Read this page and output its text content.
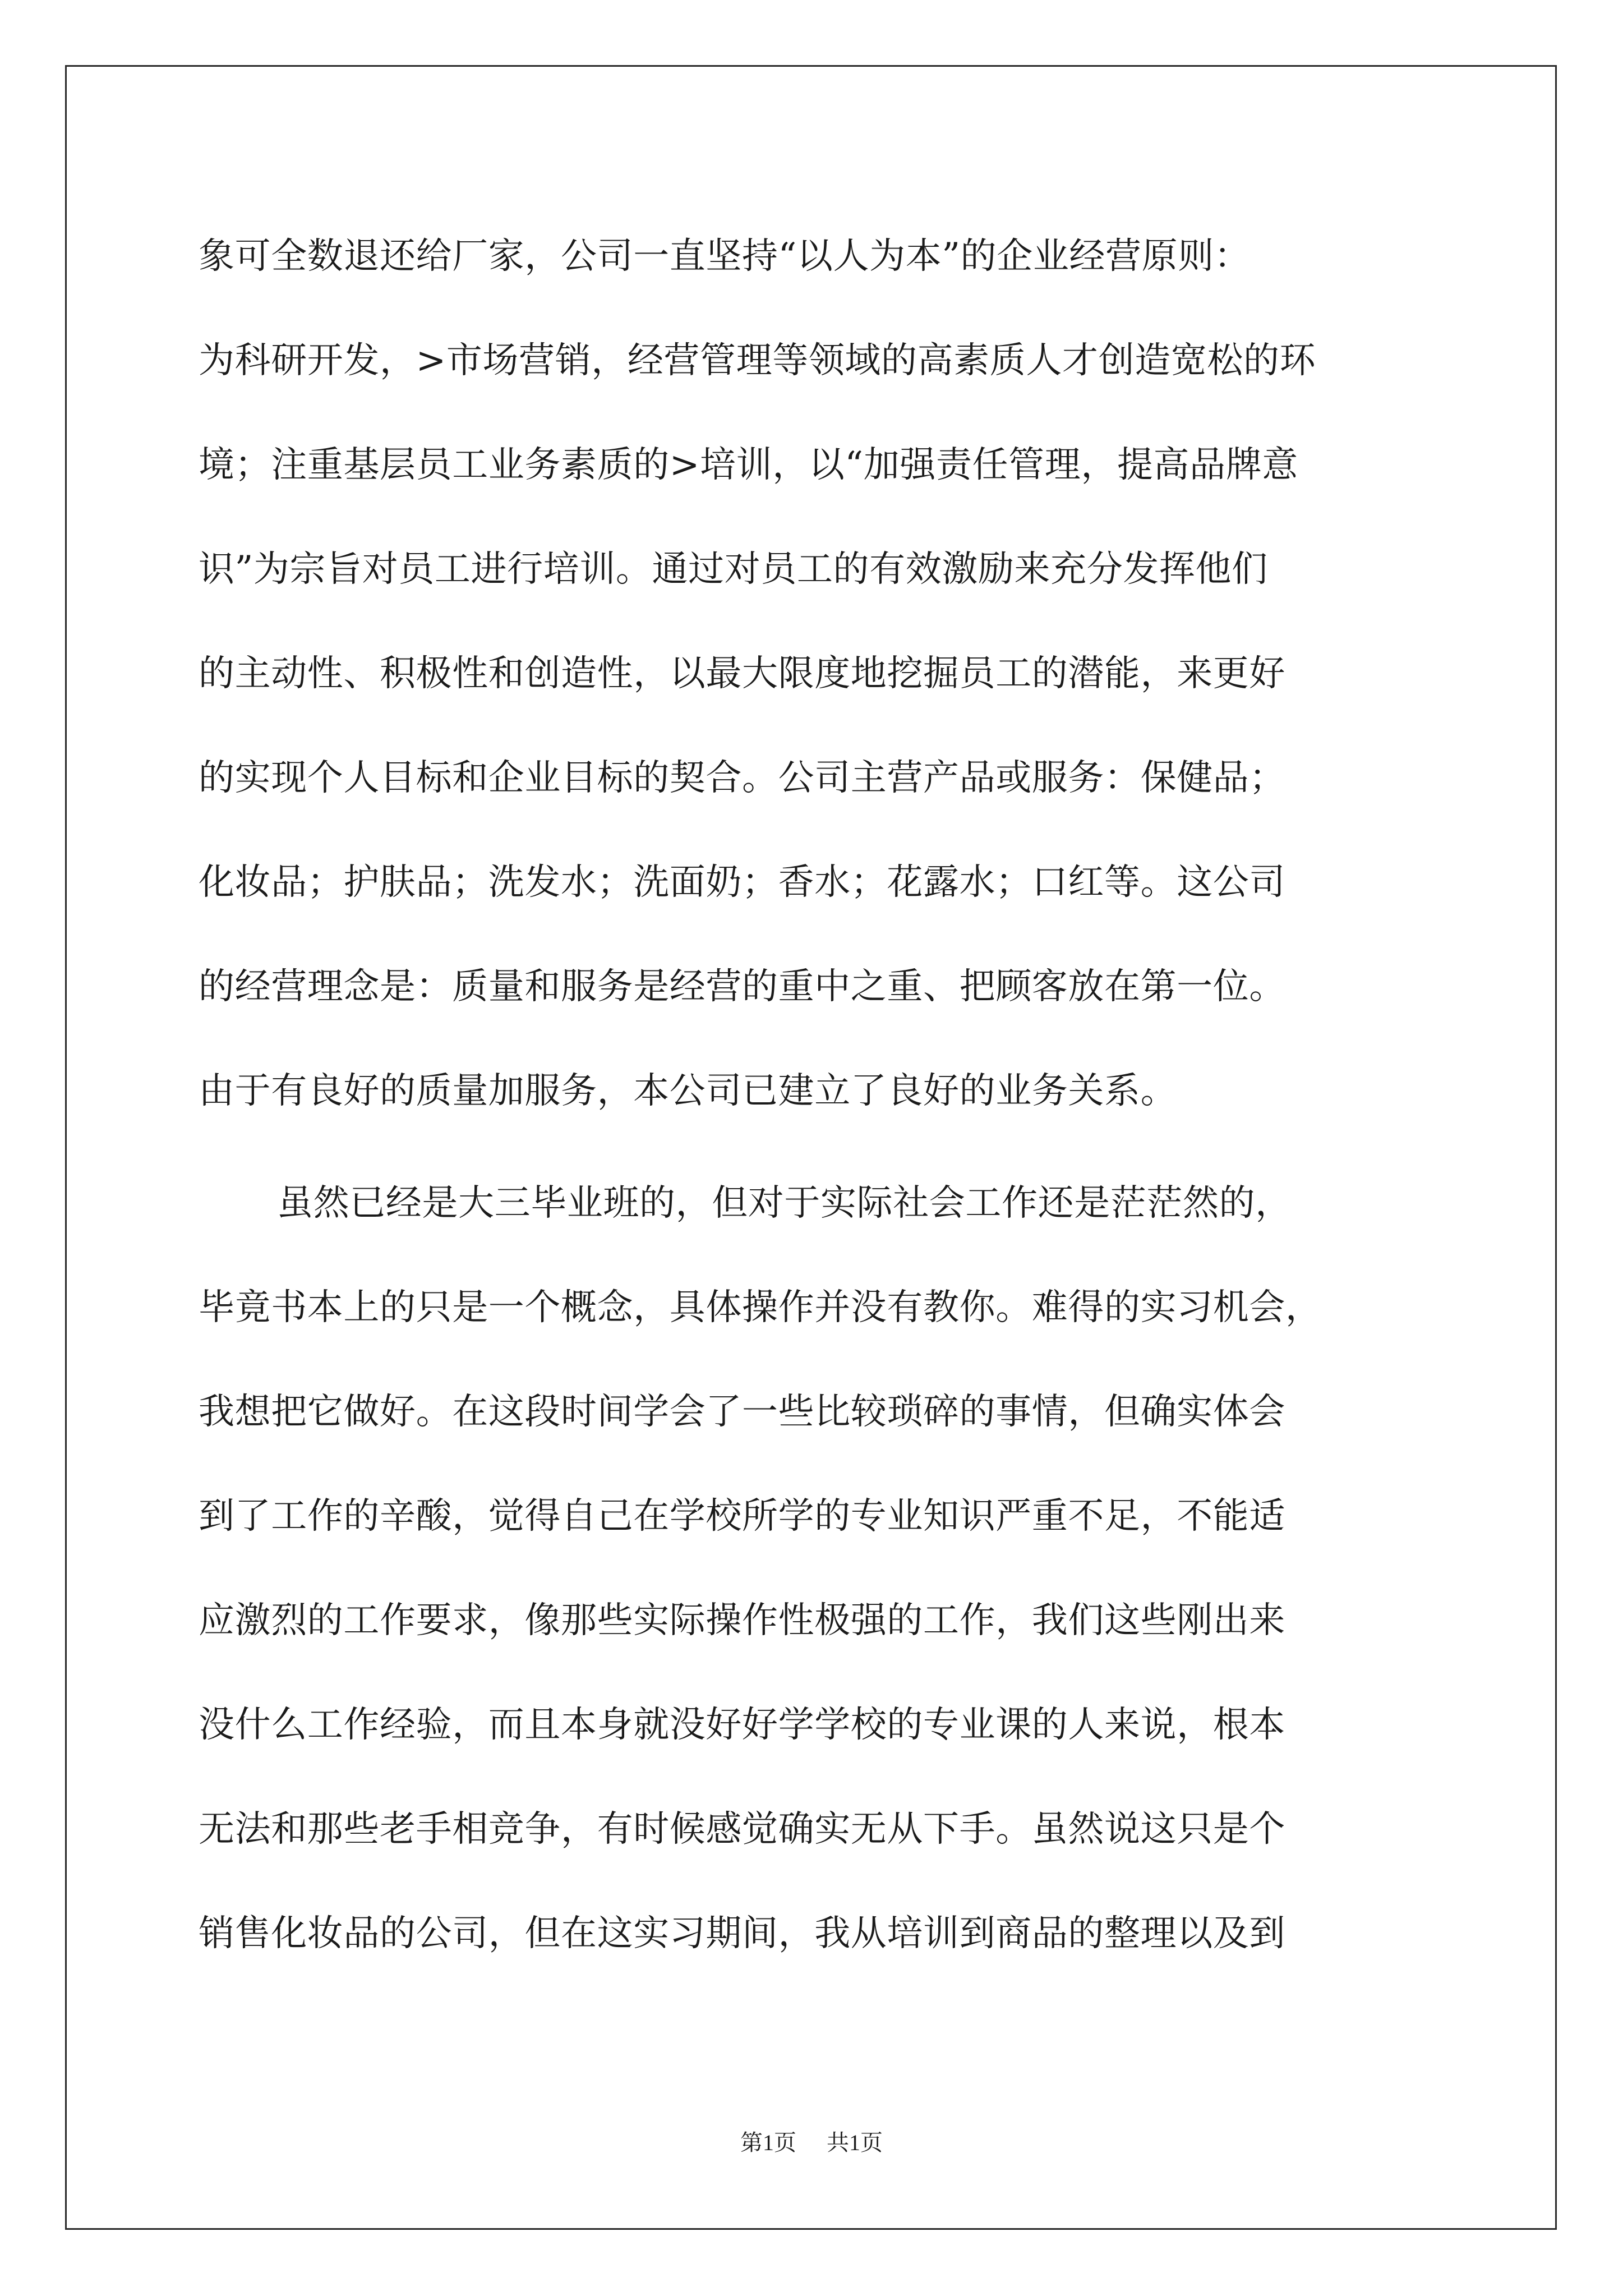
象可全数退还给厂家，公司一直坚持“以人为本”的企业经营原则：
为科研开发，>市场营销，经营管理等领域的高素质人才创造宽松的环
境；注重基层员工业务素质的>培训，以“加强责任管理，提高品牌意
识”为宗旨对员工进行培训。通过对员工的有效激励来充分发挥他们
的主动性、积极性和创造性，以最大限度地挖掘员工的潜能，来更好
的实现个人目标和企业目标的契合。公司主营产品或服务：保健品；
化妆品；护肤品；洗发水；洗面奶；香水；花露水；口红等。这公司
的经营理念是：质量和服务是经营的重中之重、把顾客放在第一位。
由于有良好的质量加服务，本公司已建立了良好的业务关系。
虽然已经是大三毕业班的，但对于实际社会工作还是茫茫然的，
毕竟书本上的只是一个概念，具体操作并没有教你。难得的实习机会，
我想把它做好。在这段时间学会了一些比较琐碎的事情，但确实体会
到了工作的辛酸，觉得自己在学校所学的专业知识严重不足，不能适
应激烈的工作要求，像那些实际操作性极强的工作，我们这些刚出来
没什么工作经验，而且本身就没好好学学校的专业课的人来说，根本
无法和那些老手相竞争，有时候感觉确实无从下手。虽然说这只是个
销售化妆品的公司，但在这实习期间，我从培训到商品的整理以及到
第1页 共1页
